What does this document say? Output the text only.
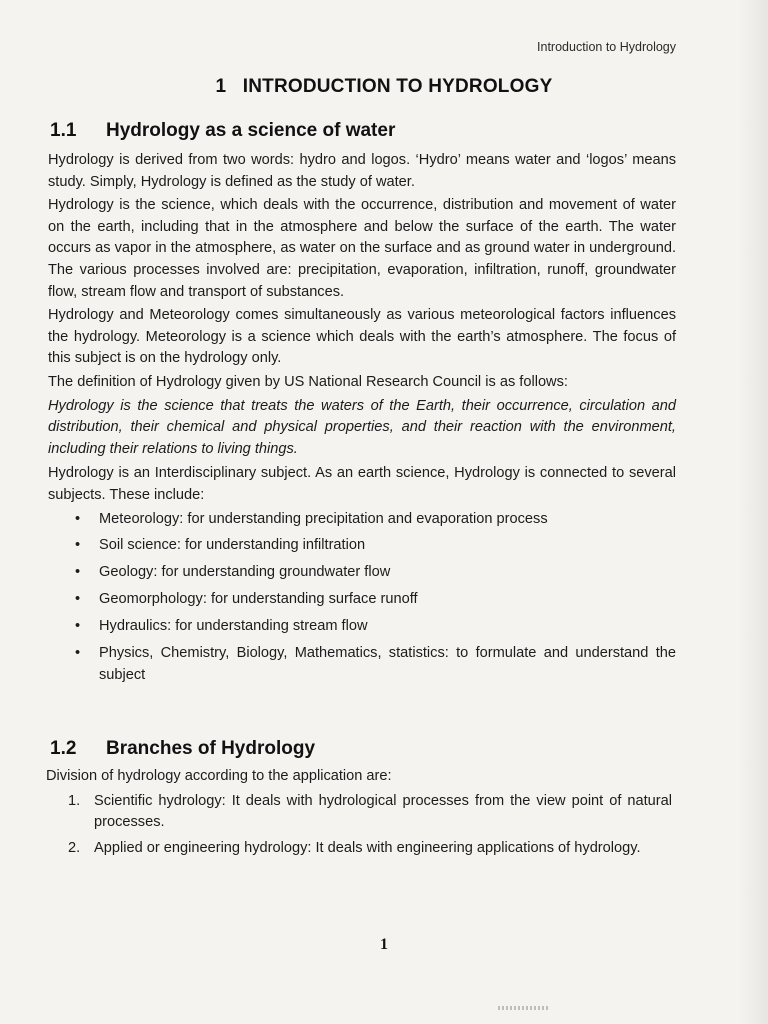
Introduction to Hydrology
1   INTRODUCTION TO HYDROLOGY
1.1 Hydrology as a science of water

Hydrology is derived from two words: hydro and logos. ‘Hydro’ means water and ‘logos’ means study. Simply, Hydrology is defined as the study of water.

Hydrology is the science, which deals with the occurrence, distribution and movement of water on the earth, including that in the atmosphere and below the surface of the earth. The water occurs as vapor in the atmosphere, as water on the surface and as ground water in underground. The various processes involved are: precipitation, evaporation, infiltration, runoff, groundwater flow, stream flow and transport of substances.

Hydrology and Meteorology comes simultaneously as various meteorological factors influences the hydrology. Meteorology is a science which deals with the earth’s atmosphere. The focus of this subject is on the hydrology only.

The definition of Hydrology given by US National Research Council is as follows:

Hydrology is the science that treats the waters of the Earth, their occurrence, circulation and distribution, their chemical and physical properties, and their reaction with the environment, including their relations to living things.

Hydrology is an Interdisciplinary subject. As an earth science, Hydrology is connected to several subjects. These include:

• Meteorology: for understanding precipitation and evaporation process
• Soil science: for understanding infiltration
• Geology: for understanding groundwater flow
• Geomorphology: for understanding surface runoff
• Hydraulics: for understanding stream flow
• Physics, Chemistry, Biology, Mathematics, statistics: to formulate and understand the subject
1.2 Branches of Hydrology

Division of hydrology according to the application are:

1. Scientific hydrology: It deals with hydrological processes from the view point of natural processes.
2. Applied or engineering hydrology: It deals with engineering applications of hydrology.
1
